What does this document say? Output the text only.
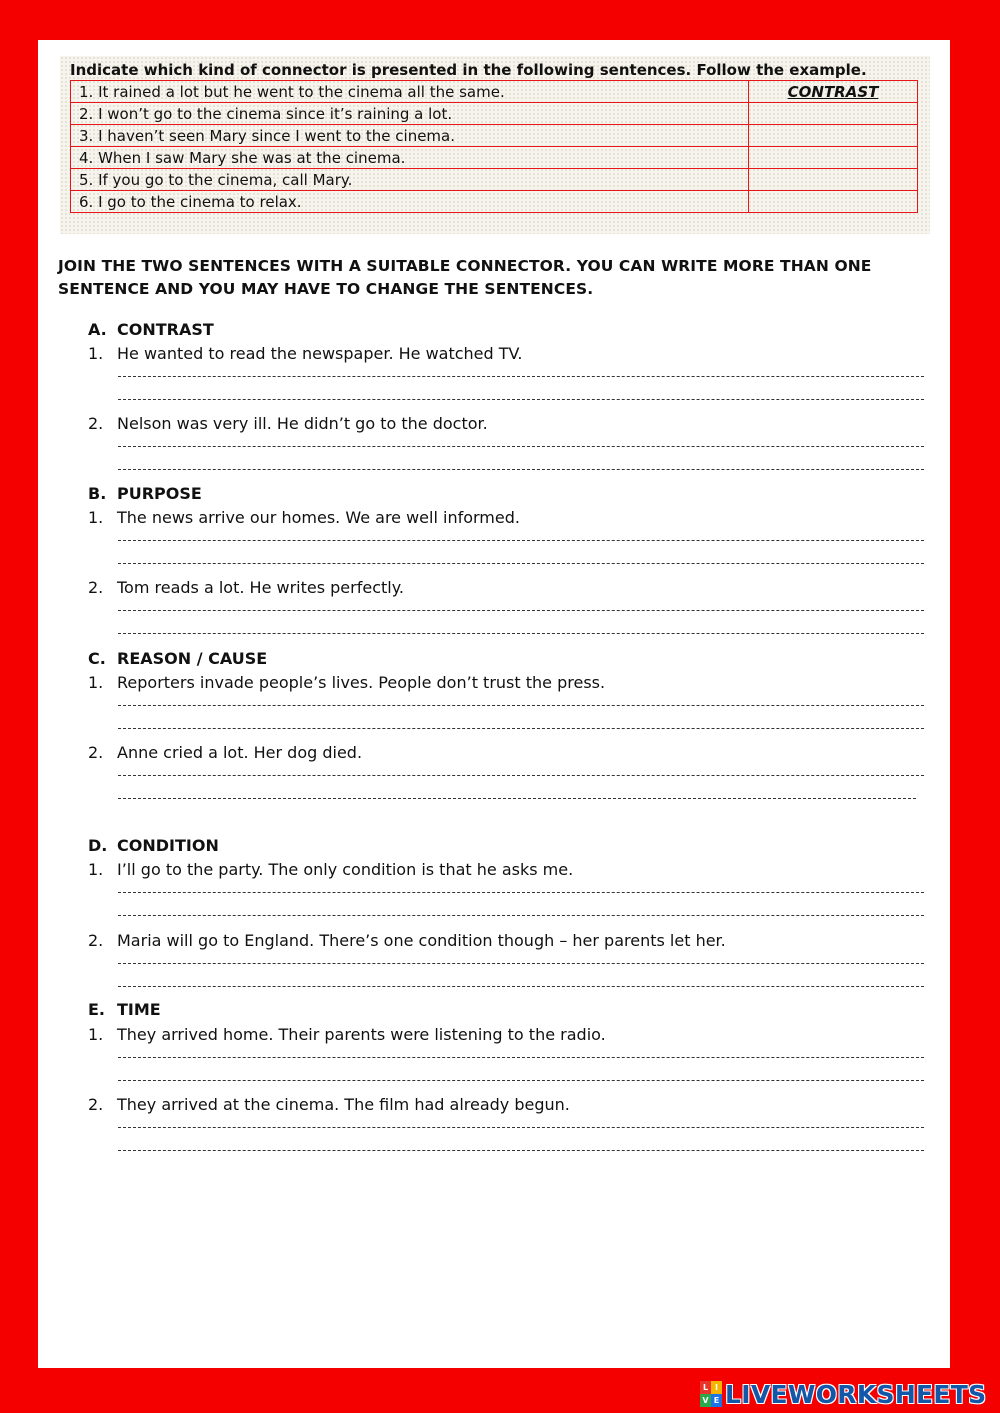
Indicate which kind of connector is presented in the following sentences. Follow the example.
1. It rained a lot but he went to the cinema all the same.	CONTRAST
2. I won’t go to the cinema since it’s raining a lot.	
3. I haven’t seen Mary since I went to the cinema.	
4. When I saw Mary she was at the cinema.	
5. If you go to the cinema, call Mary.	
6. I go to the cinema to relax.	
JOIN THE TWO SENTENCES WITH A SUITABLE CONNECTOR. YOU CAN WRITE MORE THAN ONE SENTENCE AND YOU MAY HAVE TO CHANGE THE SENTENCES.
A. CONTRAST
1. He wanted to read the newspaper. He watched TV.
2. Nelson was very ill. He didn’t go to the doctor.
B. PURPOSE
1. The news arrive our homes. We are well informed.
2. Tom reads a lot. He writes perfectly.
C. REASON / CAUSE
1. Reporters invade people’s lives. People don’t trust the press.
2. Anne cried a lot. Her dog died.
D. CONDITION
1. I’ll go to the party. The only condition is that he asks me.
2. Maria will go to England. There’s one condition though – her parents let her.
E. TIME
1. They arrived home. Their parents were listening to the radio.
2. They arrived at the cinema. The film had already begun.
L I
V E LIVEWORKSHEETS
